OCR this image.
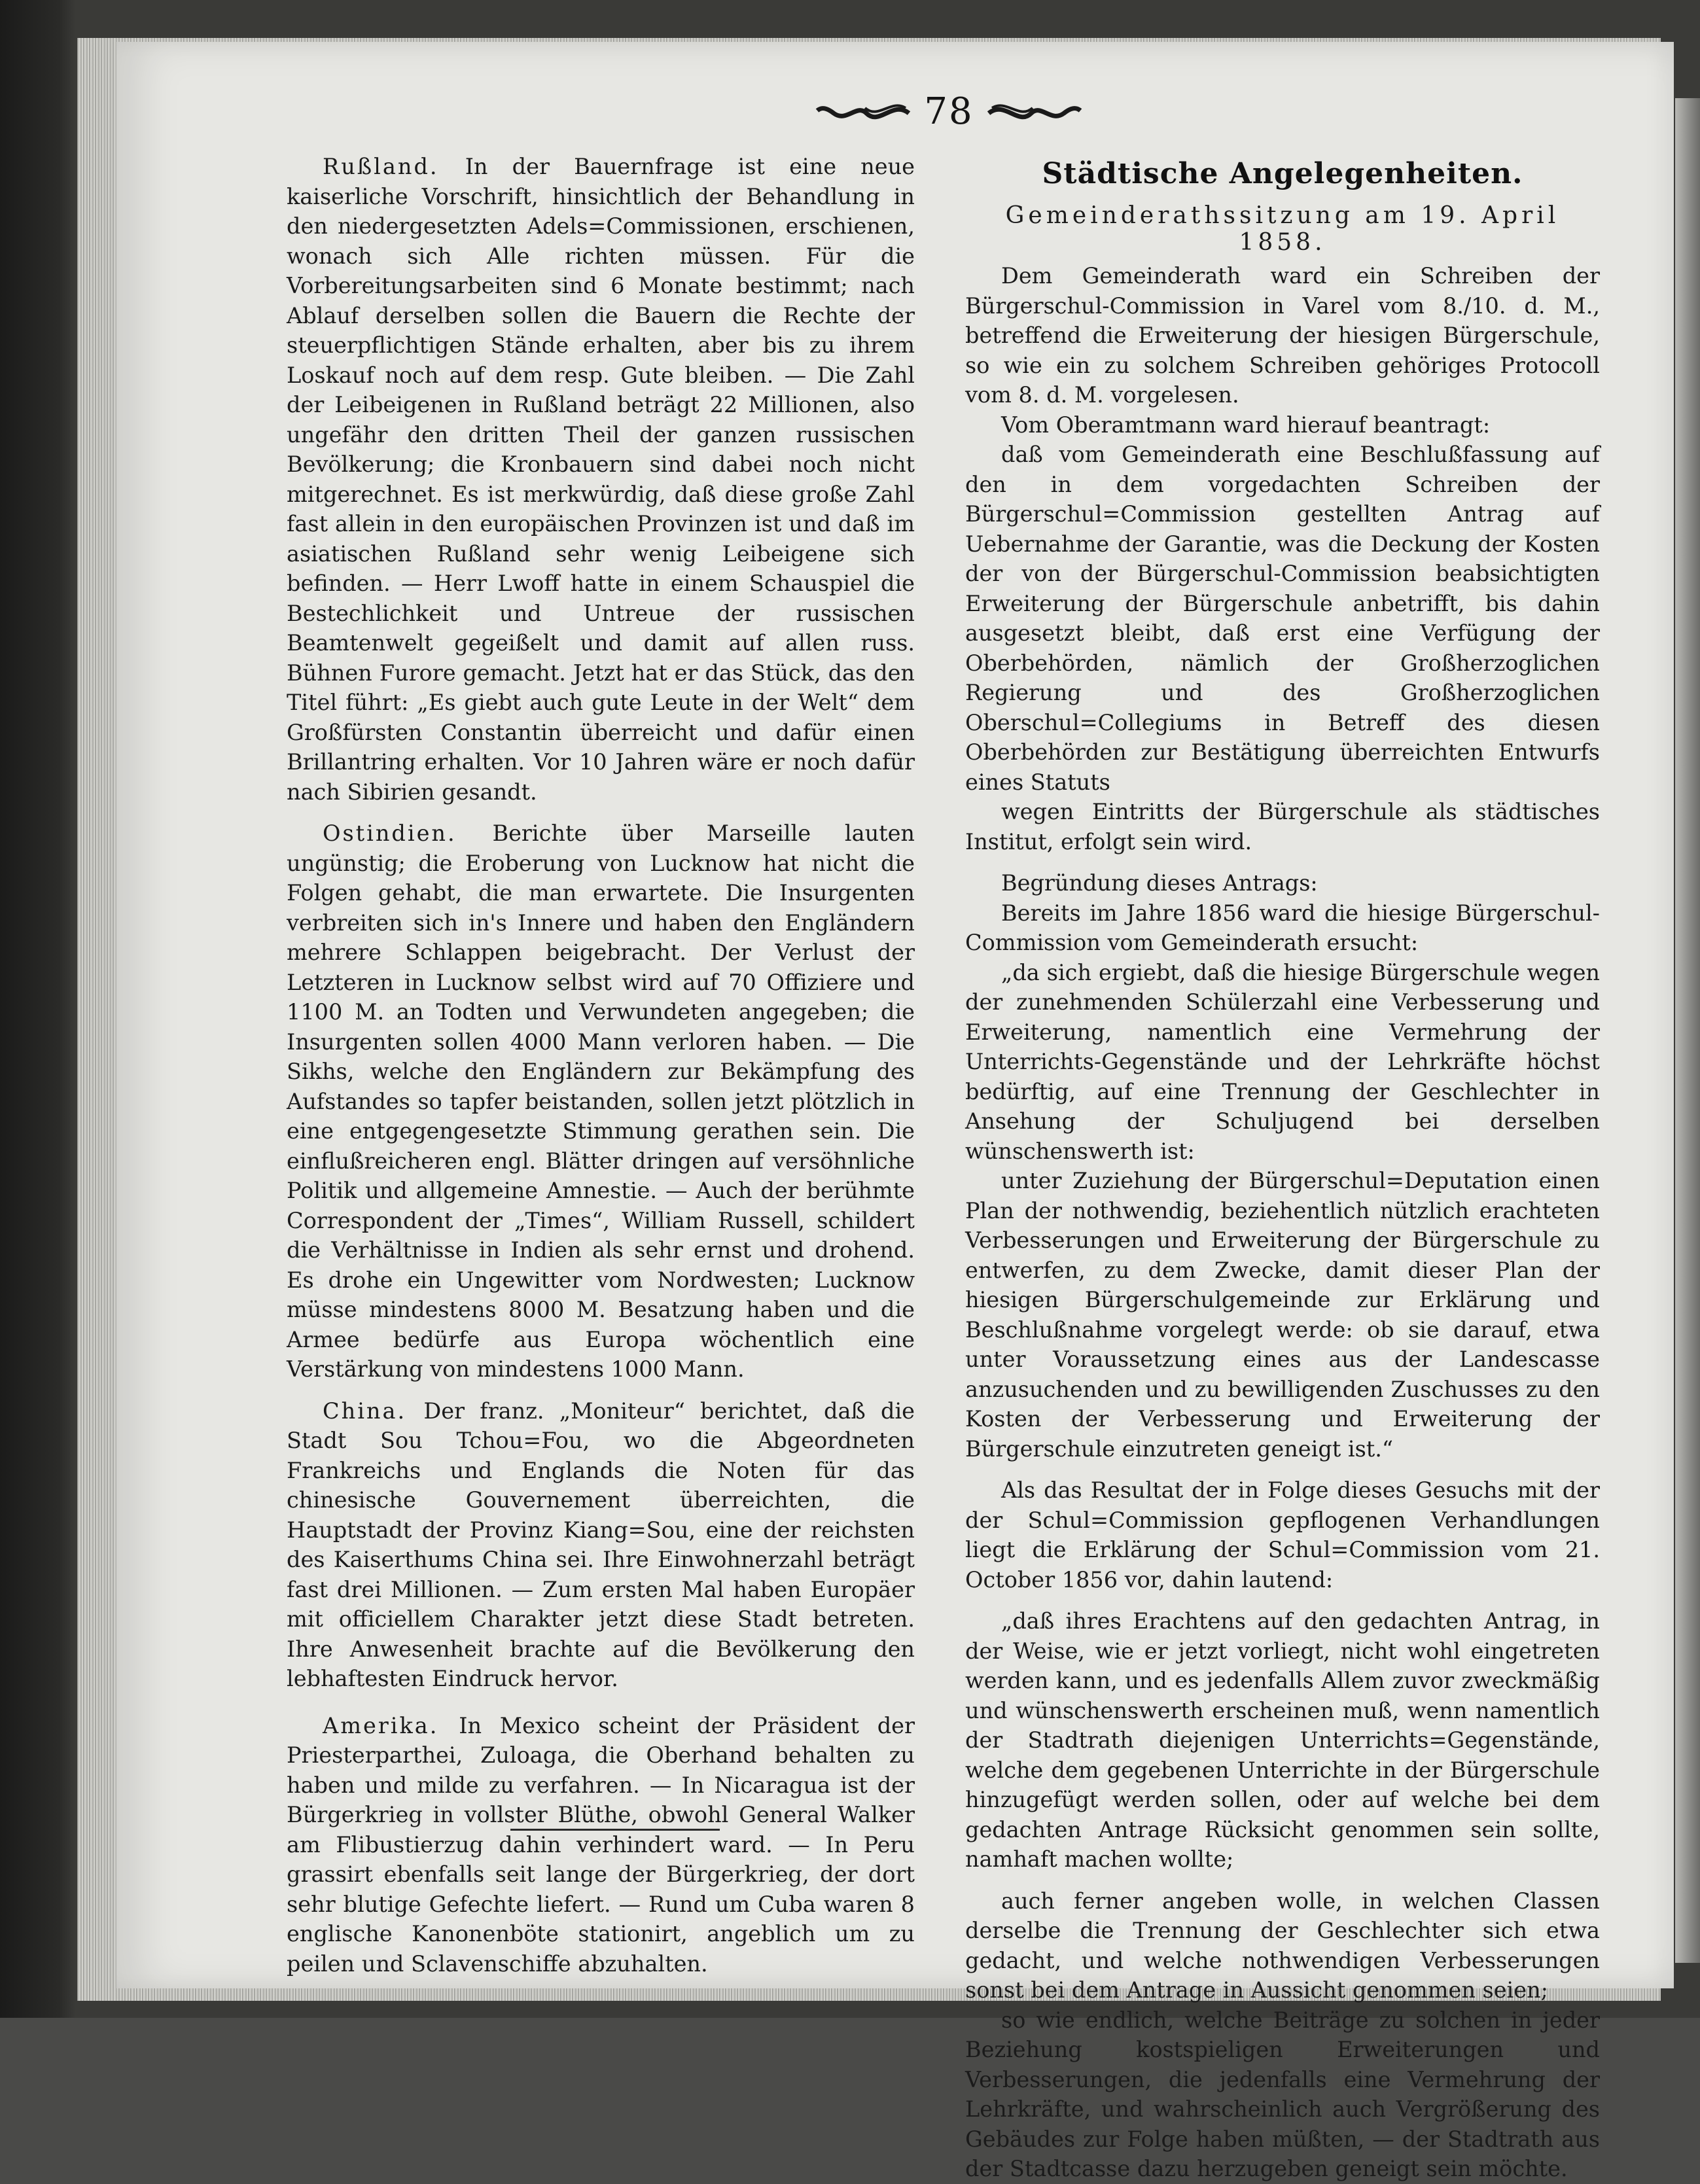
78

Rußland. In der Bauernfrage ist eine neue kaiserliche Vorschrift, hinsichtlich der Behandlung in den niedergesetzten Adels=Commissionen, erschienen, wonach sich Alle richten müssen. Für die Vorbereitungsarbeiten sind 6 Monate bestimmt; nach Ablauf derselben sollen die Bauern die Rechte der steuerpflichtigen Stände erhalten, aber bis zu ihrem Loskauf noch auf dem resp. Gute bleiben. — Die Zahl der Leibeigenen in Rußland beträgt 22 Millionen, also ungefähr den dritten Theil der ganzen russischen Bevölkerung; die Kronbauern sind dabei noch nicht mitgerechnet. Es ist merkwürdig, daß diese große Zahl fast allein in den europäischen Provinzen ist und daß im asiatischen Rußland sehr wenig Leibeigene sich befinden. — Herr Lwoff hatte in einem Schauspiel die Bestechlichkeit und Untreue der russischen Beamtenwelt gegeißelt und damit auf allen russ. Bühnen Furore gemacht. Jetzt hat er das Stück, das den Titel führt: „Es giebt auch gute Leute in der Welt“ dem Großfürsten Constantin überreicht und dafür einen Brillantring erhalten. Vor 10 Jahren wäre er noch dafür nach Sibirien gesandt.

Ostindien. Berichte über Marseille lauten ungünstig; die Eroberung von Lucknow hat nicht die Folgen gehabt, die man erwartete. Die Insurgenten verbreiten sich in's Innere und haben den Engländern mehrere Schlappen beigebracht. Der Verlust der Letzteren in Lucknow selbst wird auf 70 Offiziere und 1100 M. an Todten und Verwundeten angegeben; die Insurgenten sollen 4000 Mann verloren haben. — Die Sikhs, welche den Engländern zur Bekämpfung des Aufstandes so tapfer beistanden, sollen jetzt plötzlich in eine entgegengesetzte Stimmung gerathen sein. Die einflußreicheren engl. Blätter dringen auf versöhnliche Politik und allgemeine Amnestie. — Auch der berühmte Correspondent der „Times“, William Russell, schildert die Verhältnisse in Indien als sehr ernst und drohend. Es drohe ein Ungewitter vom Nordwesten; Lucknow müsse mindestens 8000 M. Besatzung haben und die Armee bedürfe aus Europa wöchentlich eine Verstärkung von mindestens 1000 Mann.

China. Der franz. „Moniteur“ berichtet, daß die Stadt Sou Tchou=Fou, wo die Abgeordneten Frankreichs und Englands die Noten für das chinesische Gouvernement überreichten, die Hauptstadt der Provinz Kiang=Sou, eine der reichsten des Kaiserthums China sei. Ihre Einwohnerzahl beträgt fast drei Millionen. — Zum ersten Mal haben Europäer mit officiellem Charakter jetzt diese Stadt betreten. Ihre Anwesenheit brachte auf die Bevölkerung den lebhaftesten Eindruck hervor.

Amerika. In Mexico scheint der Präsident der Priesterparthei, Zuloaga, die Oberhand behalten zu haben und milde zu verfahren. — In Nicaragua ist der Bürgerkrieg in vollster Blüthe, obwohl General Walker am Flibustierzug dahin verhindert ward. — In Peru grassirt ebenfalls seit lange der Bürgerkrieg, der dort sehr blutige Gefechte liefert. — Rund um Cuba waren 8 englische Kanonenböte stationirt, angeblich um zu peilen und Sclavenschiffe abzuhalten.

Städtische Angelegenheiten.
Gemeinderathssitzung am 19. April 1858.

Dem Gemeinderath ward ein Schreiben der Bürgerschul-Commission in Varel vom 8./10. d. M., betreffend die Erweiterung der hiesigen Bürgerschule, so wie ein zu solchem Schreiben gehöriges Protocoll vom 8. d. M. vorgelesen.

Vom Oberamtmann ward hierauf beantragt:

daß vom Gemeinderath eine Beschlußfassung auf den in dem vorgedachten Schreiben der Bürgerschul=Commission gestellten Antrag auf Uebernahme der Garantie, was die Deckung der Kosten der von der Bürgerschul-Commission beabsichtigten Erweiterung der Bürgerschule anbetrifft, bis dahin ausgesetzt bleibt, daß erst eine Verfügung der Oberbehörden, nämlich der Großherzoglichen Regierung und des Großherzoglichen Oberschul=Collegiums in Betreff des diesen Oberbehörden zur Bestätigung überreichten Entwurfs eines Statuts

wegen Eintritts der Bürgerschule als städtisches Institut, erfolgt sein wird.

Begründung dieses Antrags:

Bereits im Jahre 1856 ward die hiesige Bürgerschul-Commission vom Gemeinderath ersucht:

„da sich ergiebt, daß die hiesige Bürgerschule wegen der zunehmenden Schülerzahl eine Verbesserung und Erweiterung, namentlich eine Vermehrung der Unterrichts-Gegenstände und der Lehrkräfte höchst bedürftig, auf eine Trennung der Geschlechter in Ansehung der Schuljugend bei derselben wünschenswerth ist:

unter Zuziehung der Bürgerschul=Deputation einen Plan der nothwendig, beziehentlich nützlich erachteten Verbesserungen und Erweiterung der Bürgerschule zu entwerfen, zu dem Zwecke, damit dieser Plan der hiesigen Bürgerschulgemeinde zur Erklärung und Beschlußnahme vorgelegt werde: ob sie darauf, etwa unter Voraussetzung eines aus der Landescasse anzusuchenden und zu bewilligenden Zuschusses zu den Kosten der Verbesserung und Erweiterung der Bürgerschule einzutreten geneigt ist.“

Als das Resultat der in Folge dieses Gesuchs mit der der Schul=Commission gepflogenen Verhandlungen liegt die Erklärung der Schul=Commission vom 21. October 1856 vor, dahin lautend:

„daß ihres Erachtens auf den gedachten Antrag, in der Weise, wie er jetzt vorliegt, nicht wohl eingetreten werden kann, und es jedenfalls Allem zuvor zweckmäßig und wünschenswerth erscheinen muß, wenn namentlich der Stadtrath diejenigen Unterrichts=Gegenstände, welche dem gegebenen Unterrichte in der Bürgerschule hinzugefügt werden sollen, oder auf welche bei dem gedachten Antrage Rücksicht genommen sein sollte, namhaft machen wollte;

auch ferner angeben wolle, in welchen Classen derselbe die Trennung der Geschlechter sich etwa gedacht, und welche nothwendigen Verbesserungen sonst bei dem Antrage in Aussicht genommen seien;

so wie endlich, welche Beiträge zu solchen in jeder Beziehung kostspieligen Erweiterungen und Verbesserungen, die jedenfalls eine Vermehrung der Lehrkräfte, und wahrscheinlich auch Vergrößerung des Gebäudes zur Folge haben müßten, — der Stadtrath aus der Stadtcasse dazu herzugeben geneigt sein möchte.
